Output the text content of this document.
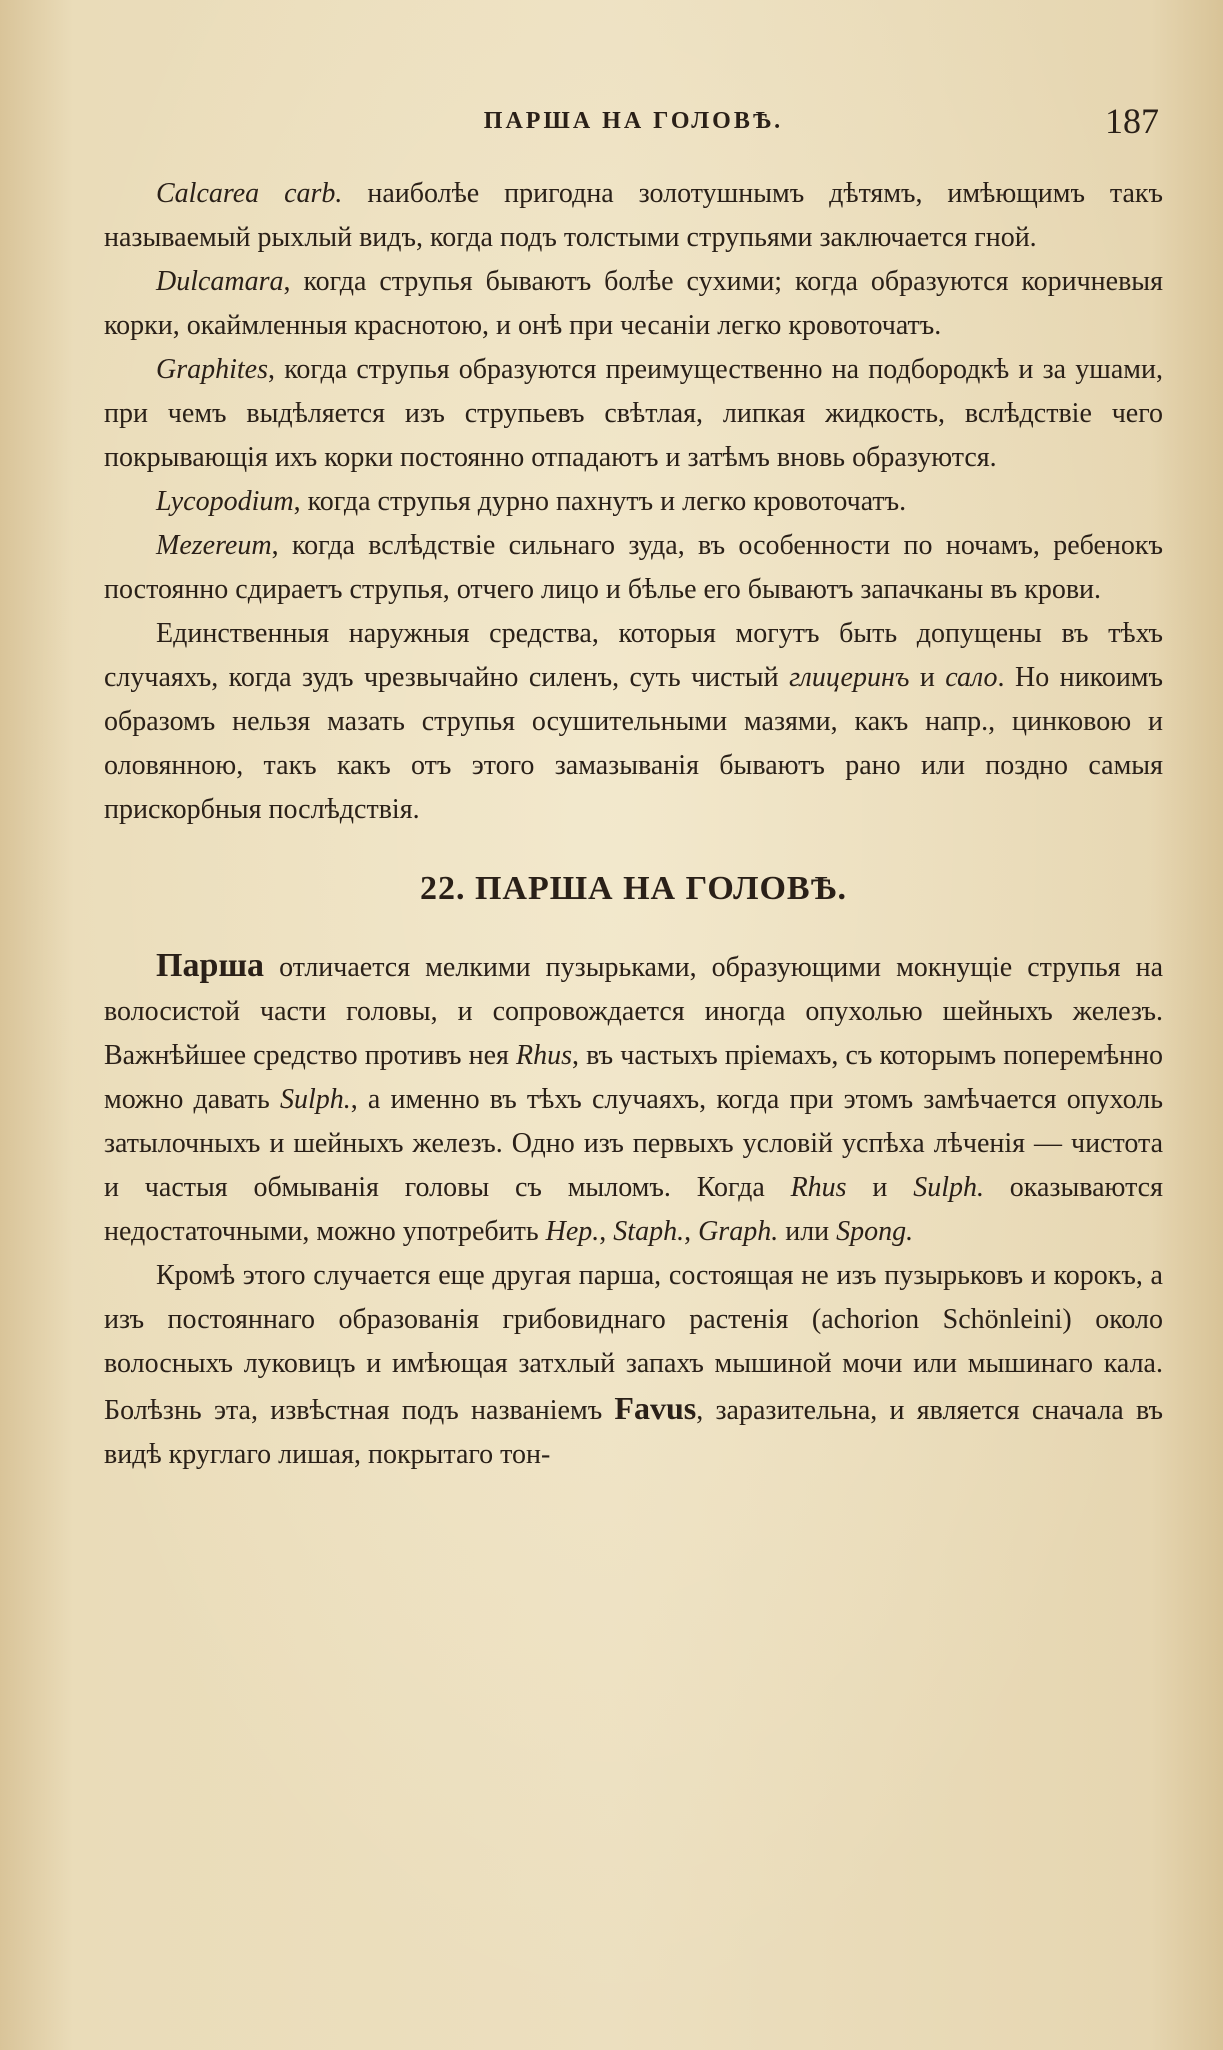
ПАРША НА ГОЛОВѢ.	187

Calcarea carb. наиболѣе пригодна золотушнымъ дѣтямъ, имѣющимъ такъ называемый рыхлый видъ, когда подъ толстыми струпьями заключается гной.

Dulcamara, когда струпья бываютъ болѣе сухими; когда образуются коричневыя корки, окаймленныя краснотою, и онѣ при чесаніи легко кровоточатъ.

Graphites, когда струпья образуются преимущественно на подбородкѣ и за ушами, при чемъ выдѣляется изъ струпьевъ свѣтлая, липкая жидкость, вслѣдствіе чего покрывающія ихъ корки постоянно отпадаютъ и затѣмъ вновь образуются.

Lycopodium, когда струпья дурно пахнутъ и легко кровоточатъ.

Mezereum, когда вслѣдствіе сильнаго зуда, въ особенности по ночамъ, ребенокъ постоянно сдираетъ струпья, отчего лицо и бѣлье его бываютъ запачканы въ крови.

Единственныя наружныя средства, которыя могутъ быть допущены въ тѣхъ случаяхъ, когда зудъ чрезвычайно силенъ, суть чистый глицеринъ и сало. Но никоимъ образомъ нельзя мазать струпья осушительными мазями, какъ напр., цинковою и оловянною, такъ какъ отъ этого замазыванія бываютъ рано или поздно самыя прискорбныя послѣдствія.

22. ПАРША НА ГОЛОВѢ.

Парша отличается мелкими пузырьками, образующими мокнущіе струпья на волосистой части головы, и сопровождается иногда опухолью шейныхъ железъ. Важнѣйшее средство противъ нея Rhus, въ частыхъ пріемахъ, съ которымъ поперемѣнно можно давать Sulph., а именно въ тѣхъ случаяхъ, когда при этомъ замѣчается опухоль затылочныхъ и шейныхъ железъ. Одно изъ первыхъ условій успѣха лѣченія — чистота и частыя обмыванія головы съ мыломъ. Когда Rhus и Sulph. оказываются недостаточными, можно употребить Hep., Staph., Graph. или Spong.

Кромѣ этого случается еще другая парша, состоящая не изъ пузырьковъ и корокъ, а изъ постояннаго образованія грибовиднаго растенія (achorion Schönleini) около волосныхъ луковицъ и имѣющая затхлый запахъ мышиной мочи или мышинаго кала. Болѣзнь эта, извѣстная подъ названіемъ Favus, заразительна, и является сначала въ видѣ круглаго лишая, покрытаго тон-
